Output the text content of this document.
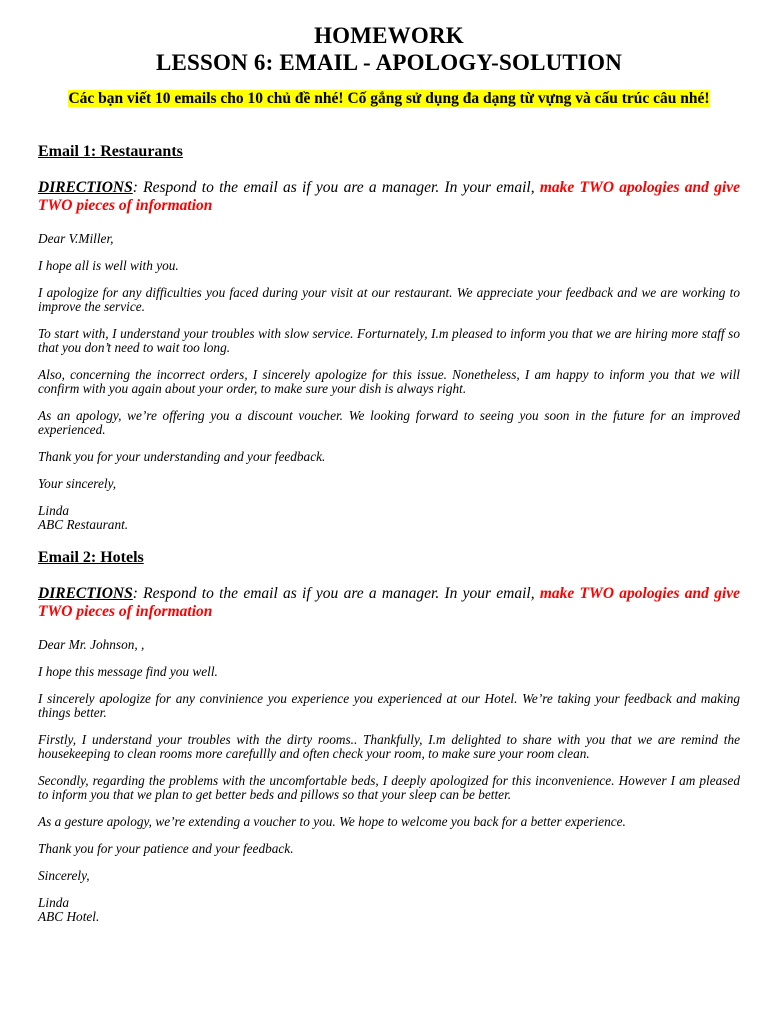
HOMEWORK
LESSON 6: EMAIL - APOLOGY-SOLUTION
Các bạn viết 10 emails cho 10 chủ đề nhé! Cố gắng sử dụng đa dạng từ vựng và cấu trúc câu nhé!
Email 1: Restaurants
DIRECTIONS: Respond to the email as if you are a manager. In your email, make TWO apologies and give TWO pieces of information
Dear V.Miller,
I hope all is well with you.
I apologize for any difficulties you faced during your visit at our restaurant. We appreciate your feedback and we are working to improve the service.
To start with, I understand your troubles with slow service. Forturnately, I.m pleased to inform you that we are hiring more staff so that you don’t need to wait too long.
Also, concerning the incorrect orders, I sincerely apologize for this issue. Nonetheless, I am happy to inform you that we will confirm with you again about your order, to make sure your dish is always right.
As an apology, we’re offering you a discount voucher. We looking forward to seeing you soon in the future for an improved experienced.
Thank you for your understanding and your feedback.
Your sincerely,
Linda
ABC Restaurant.
Email 2: Hotels
DIRECTIONS: Respond to the email as if you are a manager. In your email, make TWO apologies and give TWO pieces of information
Dear Mr. Johnson, ,
I hope this message find you well.
I sincerely apologize for any convinience you experience you experienced at our Hotel. We’re taking your feedback and making things better.
Firstly, I understand your troubles with the dirty rooms.. Thankfully, I.m delighted to share with you that we are remind the housekeeping to clean rooms more carefullly and often check your room, to make sure your room clean.
Secondly, regarding the problems with the uncomfortable beds, I deeply apologized for this inconvenience. However I am pleased to inform you that we plan to get better beds and pillows so that your sleep can be better.
As a gesture apology, we’re extending a voucher to you. We hope to welcome you back for a better experience.
Thank you for your patience and your feedback.
Sincerely,
Linda
ABC Hotel.
